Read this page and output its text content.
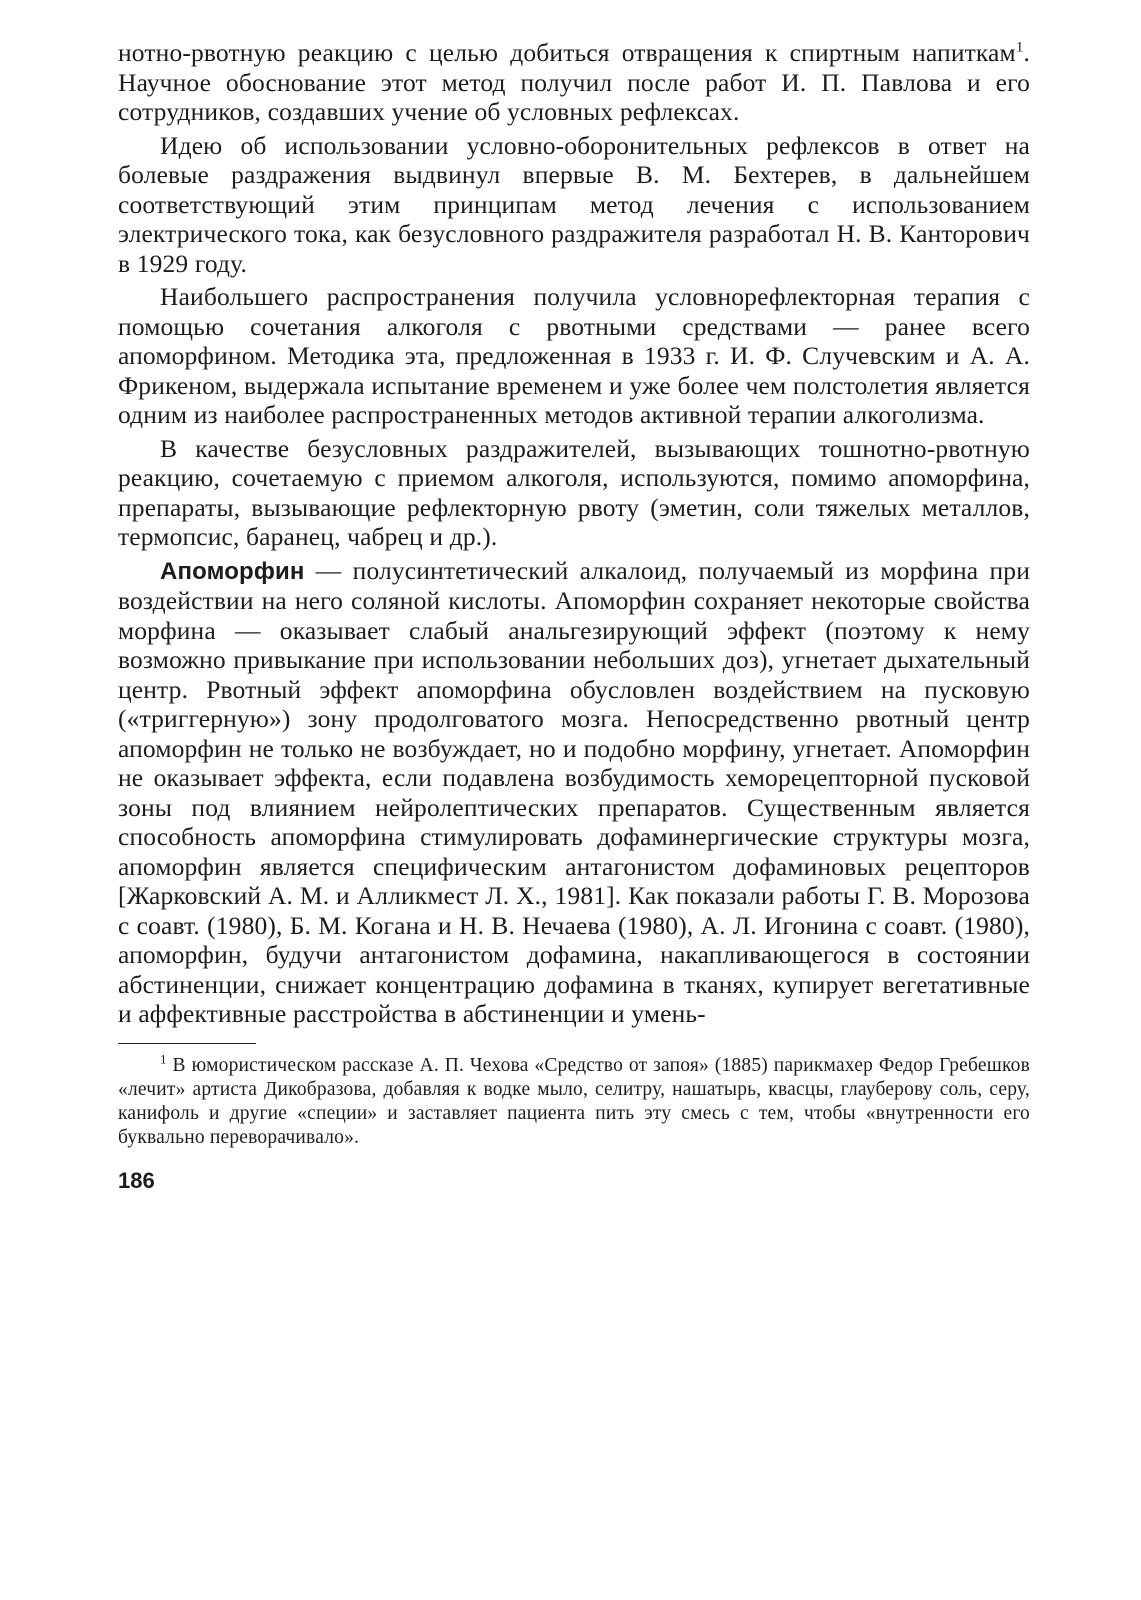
нотно-рвотную реакцию с целью добиться отвращения к спиртным напиткам$^1$. Научное обоснование этот метод получил после работ И. П. Павлова и его сотрудников, создавших учение об условных рефлексах.

Идею об использовании условно-оборонительных рефлексов в ответ на болевые раздражения выдвинул впервые В. М. Бехтерев, в дальнейшем соответствующий этим принципам метод лечения с использованием электрического тока, как безусловного раздражителя разработал Н. В. Канторович в 1929 году.

Наибольшего распространения получила условнорефлекторная терапия с помощью сочетания алкоголя с рвотными средствами — ранее всего апоморфином. Методика эта, предложенная в 1933 г. И. Ф. Случевским и А. А. Фрикеном, выдержала испытание временем и уже более чем полстолетия является одним из наиболее распространенных методов активной терапии алкоголизма.

В качестве безусловных раздражителей, вызывающих тошнотно-рвотную реакцию, сочетаемую с приемом алкоголя, используются, помимо апоморфина, препараты, вызывающие рефлекторную рвоту (эметин, соли тяжелых металлов, термопсис, баранец, чабрец и др.).

Апоморфин — полусинтетический алкалоид, получаемый из морфина при воздействии на него соляной кислоты. Апоморфин сохраняет некоторые свойства морфина — оказывает слабый анальгезирующий эффект (поэтому к нему возможно привыкание при использовании небольших доз), угнетает дыхательный центр. Рвотный эффект апоморфина обусловлен воздействием на пусковую («триггерную») зону продолговатого мозга. Непосредственно рвотный центр апоморфин не только не возбуждает, но и подобно морфину, угнетает. Апоморфин не оказывает эффекта, если подавлена возбудимость хеморецепторной пусковой зоны под влиянием нейролептических препаратов. Существенным является способность апоморфина стимулировать дофаминергические структуры мозга, апоморфин является специфическим антагонистом дофаминовых рецепторов [Жарковский А. М. и Алликмест Л. Х., 1981]. Как показали работы Г. В. Морозова с соавт. (1980), Б. М. Когана и Н. В. Нечаева (1980), А. Л. Игонина с соавт. (1980), апоморфин, будучи антагонистом дофамина, накапливающегося в состоянии абстиненции, снижает концентрацию дофамина в тканях, купирует вегетативные и аффективные расстройства в абстиненции и умень-

$^1$ В юмористическом рассказе А. П. Чехова «Средство от запоя» (1885) парикмахер Федор Гребешков «лечит» артиста Дикобразова, добавляя к водке мыло, селитру, нашатырь, квасцы, глауберову соль, серу, канифоль и другие «специи» и заставляет пациента пить эту смесь с тем, чтобы «внутренности его буквально переворачивало».

186
